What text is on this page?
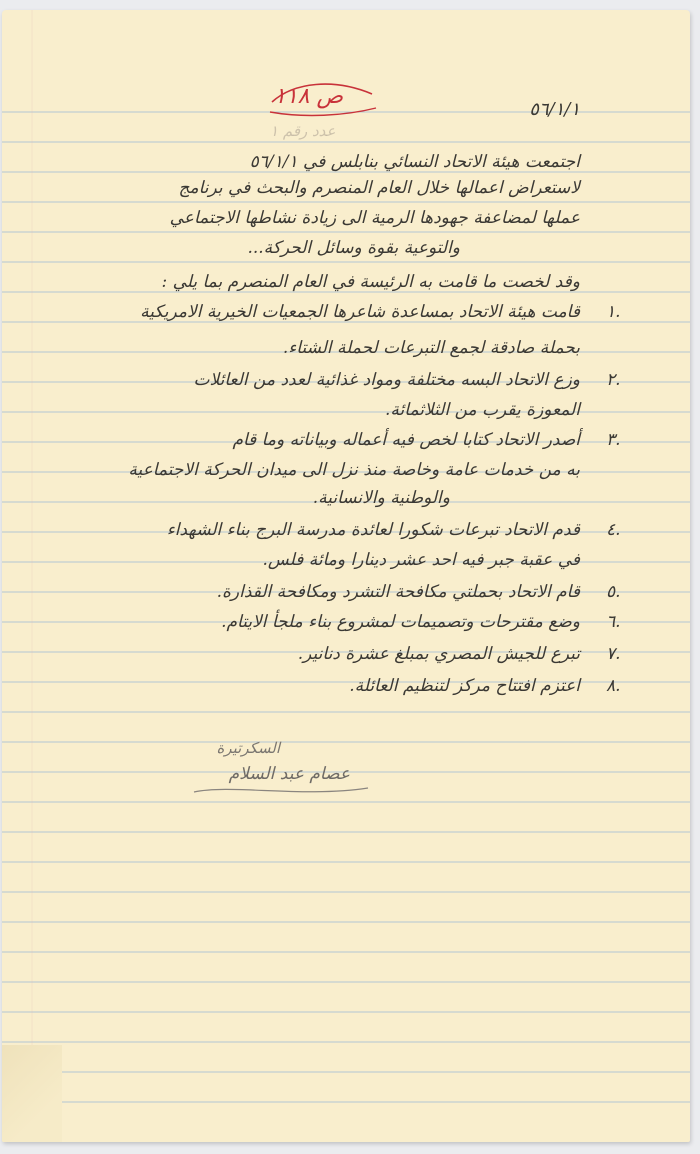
ص ١١٨
عدد رقم ١
٥٦/١/١
اجتمعت هيئة الاتحاد النسائي بنابلس في ٥٦/١/١
لاستعراض اعمالها خلال العام المنصرم والبحث في برنامج
عملها لمضاعفة جهودها الرمية الى زيادة نشاطها الاجتماعي
والتوعية بقوة وسائل الحركة...
وقد لخصت ما قامت به الرئيسة في العام المنصرم بما يلي :
١.
قامت هيئة الاتحاد بمساعدة شاعرها الجمعيات الخيرية الامريكية
بحملة صادقة لجمع التبرعات لحملة الشتاء.
٢.
وزع الاتحاد البسه مختلفة ومواد غذائية لعدد من العائلات
المعوزة يقرب من الثلاثمائة.
٣.
أصدر الاتحاد كتابا لخص فيه أعماله وبياناته وما قام
به من خدمات عامة وخاصة منذ نزل الى ميدان الحركة الاجتماعية
والوطنية والانسانية.
٤.
قدم الاتحاد تبرعات شكورا لعائدة مدرسة البرج بناء الشهداء
في عقبة جبر فيه احد عشر دينارا ومائة فلس.
٥.
قام الاتحاد بحملتي مكافحة التشرد ومكافحة القذارة.
٦.
وضع مقترحات وتصميمات لمشروع بناء ملجأ الايتام.
٧.
تبرع للجيش المصري بمبلغ عشرة دنانير.
٨.
اعتزم افتتاح مركز لتنظيم العائلة.
السكرتيرة
عصام عبد السلام
